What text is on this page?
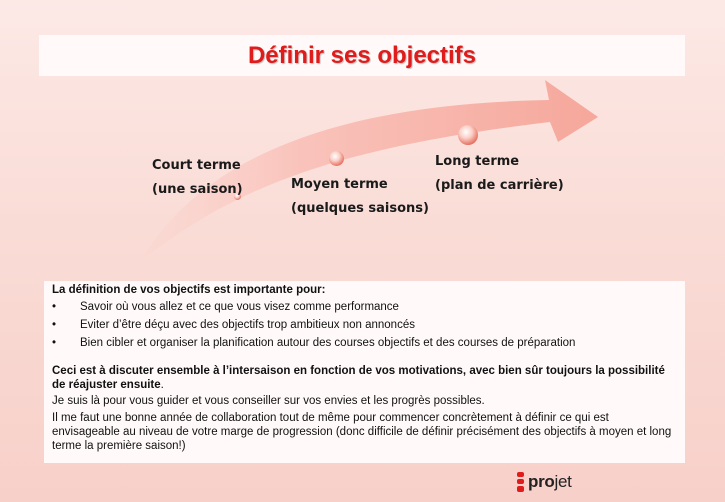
Définir ses objectifs
Court terme
(une saison)	Moyen terme
(quelques saisons)
Long terme
(plan de carrière)
La définition de vos objectifs est importante pour:
• Savoir où vous allez et ce que vous visez comme performance
• Eviter d’être déçu avec des objectifs trop ambitieux non annoncés
• Bien cibler et organiser la planification autour des courses objectifs et des courses de préparation
Ceci est à discuter ensemble à l’intersaison en fonction de vos motivations, avec bien sûr toujours la possibilité de réajuster ensuite.

Je suis là pour vous guider et vous conseiller sur vos envies et les progrès possibles.

Il me faut une bonne année de collaboration tout de même pour commencer concrètement à définir ce qui est envisageable au niveau de votre marge de progression (donc difficile de définir précisément des objectifs à moyen et long terme la première saison!)

projet
